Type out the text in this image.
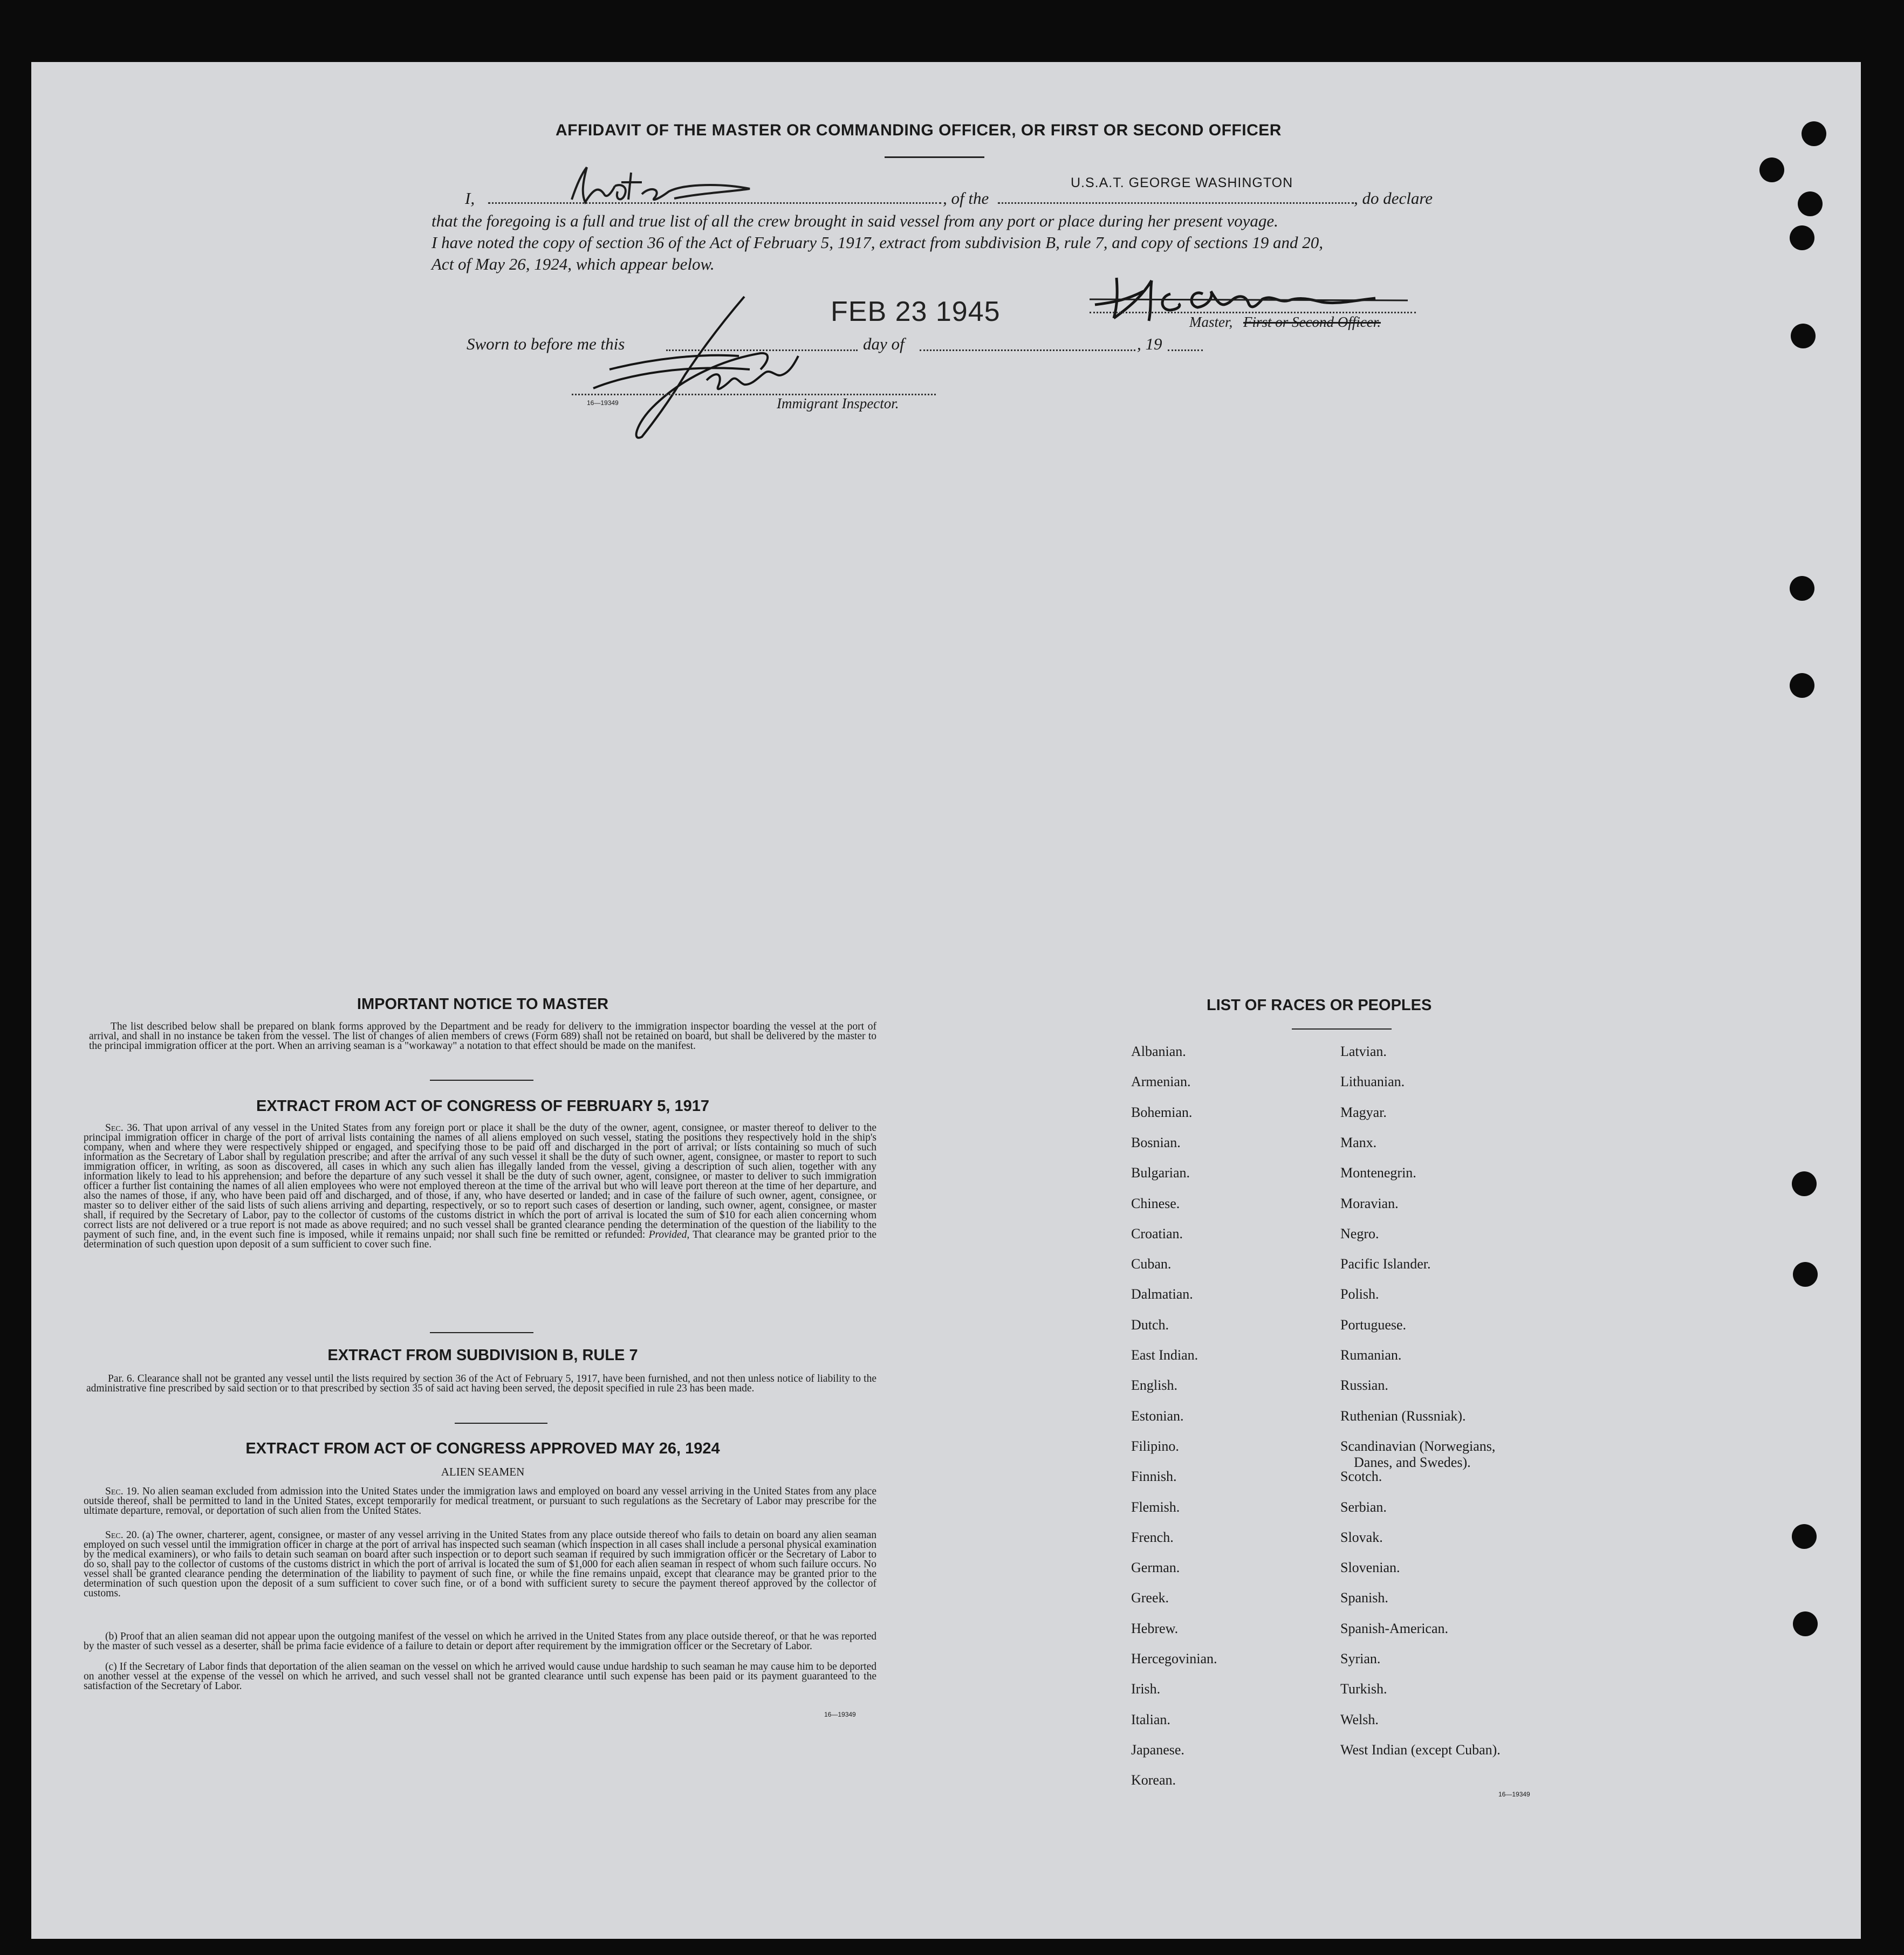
AFFIDAVIT OF THE MASTER OR COMMANDING OFFICER, OR FIRST OR SECOND OFFICER
I,	, of the
U.S.A.T. GEORGE WASHINGTON
, do declare
that the foregoing is a full and true list of all the crew brought in said vessel from any port or place during her present voyage.
I have noted the copy of section 36 of the Act of February 5, 1917, extract from subdivision B, rule 7, and copy of sections 19 and 20,
Act of May 26, 1924, which appear below.
FEB 23 1945	Master, First or Second Officer.
Sworn to before me this	day of	, 19
16—19349	Immigrant Inspector.
IMPORTANT NOTICE TO MASTER
The list described below shall be prepared on blank forms approved by the Department and be ready for delivery to the immigration inspector boarding the vessel at the port of arrival, and shall in no instance be taken from the vessel. The list of changes of alien members of crews (Form 689) shall not be retained on board, but shall be delivered by the master to the principal immigration officer at the port. When an arriving seaman is a "workaway" a notation to that effect should be made on the manifest.
EXTRACT FROM ACT OF CONGRESS OF FEBRUARY 5, 1917
Sec. 36. That upon arrival of any vessel in the United States from any foreign port or place it shall be the duty of the owner, agent, consignee, or master thereof to deliver to the principal immigration officer in charge of the port of arrival lists containing the names of all aliens employed on such vessel, stating the positions they respectively hold in the ship's company, when and where they were respectively shipped or engaged, and specifying those to be paid off and discharged in the port of arrival; or lists containing so much of such information as the Secretary of Labor shall by regulation prescribe; and after the arrival of any such vessel it shall be the duty of such owner, agent, consignee, or master to report to such immigration officer, in writing, as soon as discovered, all cases in which any such alien has illegally landed from the vessel, giving a description of such alien, together with any information likely to lead to his apprehension; and before the departure of any such vessel it shall be the duty of such owner, agent, consignee, or master to deliver to such immigration officer a further list containing the names of all alien employees who were not employed thereon at the time of the arrival but who will leave port thereon at the time of her departure, and also the names of those, if any, who have been paid off and discharged, and of those, if any, who have deserted or landed; and in case of the failure of such owner, agent, consignee, or master so to deliver either of the said lists of such aliens arriving and departing, respectively, or so to report such cases of desertion or landing, such owner, agent, consignee, or master shall, if required by the Secretary of Labor, pay to the collector of customs of the customs district in which the port of arrival is located the sum of $10 for each alien concerning whom correct lists are not delivered or a true report is not made as above required; and no such vessel shall be granted clearance pending the determination of the question of the liability to the payment of such fine, and, in the event such fine is imposed, while it remains unpaid; nor shall such fine be remitted or refunded: Provided, That clearance may be granted prior to the determination of such question upon deposit of a sum sufficient to cover such fine.
EXTRACT FROM SUBDIVISION B, RULE 7
Par. 6. Clearance shall not be granted any vessel until the lists required by section 36 of the Act of February 5, 1917, have been furnished, and not then unless notice of liability to the administrative fine prescribed by said section or to that prescribed by section 35 of said act having been served, the deposit specified in rule 23 has been made.
EXTRACT FROM ACT OF CONGRESS APPROVED MAY 26, 1924
ALIEN SEAMEN
Sec. 19. No alien seaman excluded from admission into the United States under the immigration laws and employed on board any vessel arriving in the United States from any place outside thereof, shall be permitted to land in the United States, except temporarily for medical treatment, or pursuant to such regulations as the Secretary of Labor may prescribe for the ultimate departure, removal, or deportation of such alien from the United States.
Sec. 20. (a) The owner, charterer, agent, consignee, or master of any vessel arriving in the United States from any place outside thereof who fails to detain on board any alien seaman employed on such vessel until the immigration officer in charge at the port of arrival has inspected such seaman (which inspection in all cases shall include a personal physical examination by the medical examiners), or who fails to detain such seaman on board after such inspection or to deport such seaman if required by such immigration officer or the Secretary of Labor to do so, shall pay to the collector of customs of the customs district in which the port of arrival is located the sum of $1,000 for each alien seaman in respect of whom such failure occurs. No vessel shall be granted clearance pending the determination of the liability to payment of such fine, or while the fine remains unpaid, except that clearance may be granted prior to the determination of such question upon the deposit of a sum sufficient to cover such fine, or of a bond with sufficient surety to secure the payment thereof approved by the collector of customs.
(b) Proof that an alien seaman did not appear upon the outgoing manifest of the vessel on which he arrived in the United States from any place outside thereof, or that he was reported by the master of such vessel as a deserter, shall be prima facie evidence of a failure to detain or deport after requirement by the immigration officer or the Secretary of Labor.
(c) If the Secretary of Labor finds that deportation of the alien seaman on the vessel on which he arrived would cause undue hardship to such seaman he may cause him to be deported on another vessel at the expense of the vessel on which he arrived, and such vessel shall not be granted clearance until such expense has been paid or its payment guaranteed to the satisfaction of the Secretary of Labor.
16—19349
LIST OF RACES OR PEOPLES
Albanian.
Armenian.
Bohemian.
Bosnian.
Bulgarian.
Chinese.
Croatian.
Cuban.
Dalmatian.
Dutch.
East Indian.
English.
Estonian.
Filipino.
Finnish.
Flemish.
French.
German.
Greek.
Hebrew.
Hercegovinian.
Irish.
Italian.
Japanese.
Korean.
Latvian.
Lithuanian.
Magyar.
Manx.
Montenegrin.
Moravian.
Negro.
Pacific Islander.
Polish.
Portuguese.
Rumanian.
Russian.
Ruthenian (Russniak).
Scandinavian (Norwegians,
Danes, and Swedes).
Scotch.
Serbian.
Slovak.
Slovenian.
Spanish.
Spanish-American.
Syrian.
Turkish.
Welsh.
West Indian (except Cuban).
16—19349
